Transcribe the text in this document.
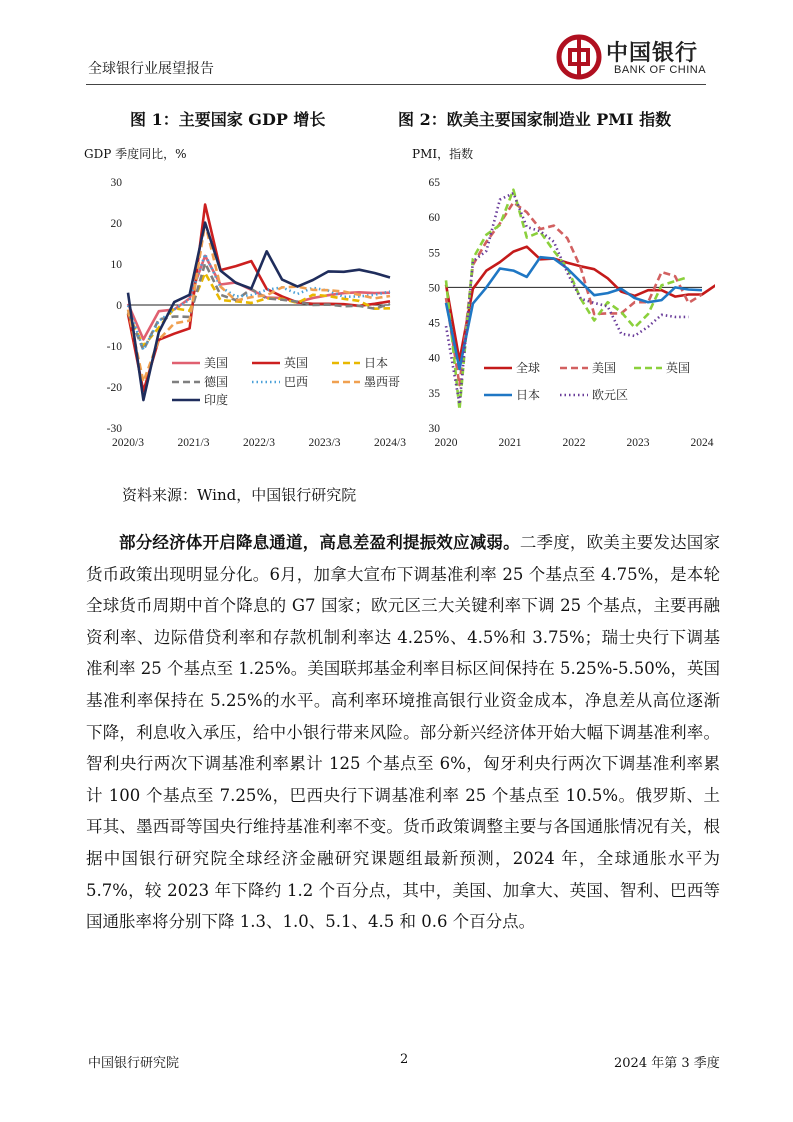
全球银行业展望报告
中国银行
BANK OF CHINA
图 1：主要国家 GDP 增长	图 2：欧美主要国家制造业 PMI 指数
GDP 季度同比，%	PMI，指数
30
20
10
0
-10
-20
-30
2020/3	2021/3	2022/3	2023/3	2024/3
美国	英国	日本
德国	巴西	墨西哥
印度
65
60
55
50
45
40
35
30
2020	2021	2022	2023	2024
全球	美国	英国
日本	欧元区
资料来源：Wind，中国银行研究院
部分经济体开启降息通道，高息差盈利提振效应减弱。二季度，欧美主要发达国家货币政策出现明显分化。6月，加拿大宣布下调基准利率 25 个基点至 4.75%，是本轮全球货币周期中首个降息的 G7 国家；欧元区三大关键利率下调 25 个基点，主要再融资利率、边际借贷利率和存款机制利率达 4.25%、4.5%和 3.75%；瑞士央行下调基准利率 25 个基点至 1.25%。美国联邦基金利率目标区间保持在 5.25%-5.50%，英国基准利率保持在 5.25%的水平。高利率环境推高银行业资金成本，净息差从高位逐渐下降，利息收入承压，给中小银行带来风险。部分新兴经济体开始大幅下调基准利率。智利央行两次下调基准利率累计 125 个基点至 6%，匈牙利央行两次下调基准利率累计 100 个基点至 7.25%，巴西央行下调基准利率 25 个基点至 10.5%。俄罗斯、土耳其、墨西哥等国央行维持基准利率不变。货币政策调整主要与各国通胀情况有关，根据中国银行研究院全球经济金融研究课题组最新预测，2024 年，全球通胀水平为 5.7%，较 2023 年下降约 1.2 个百分点，其中，美国、加拿大、英国、智利、巴西等国通胀率将分别下降 1.3、1.0、5.1、4.5 和 0.6 个百分点。
中国银行研究院	2	2024 年第 3 季度
